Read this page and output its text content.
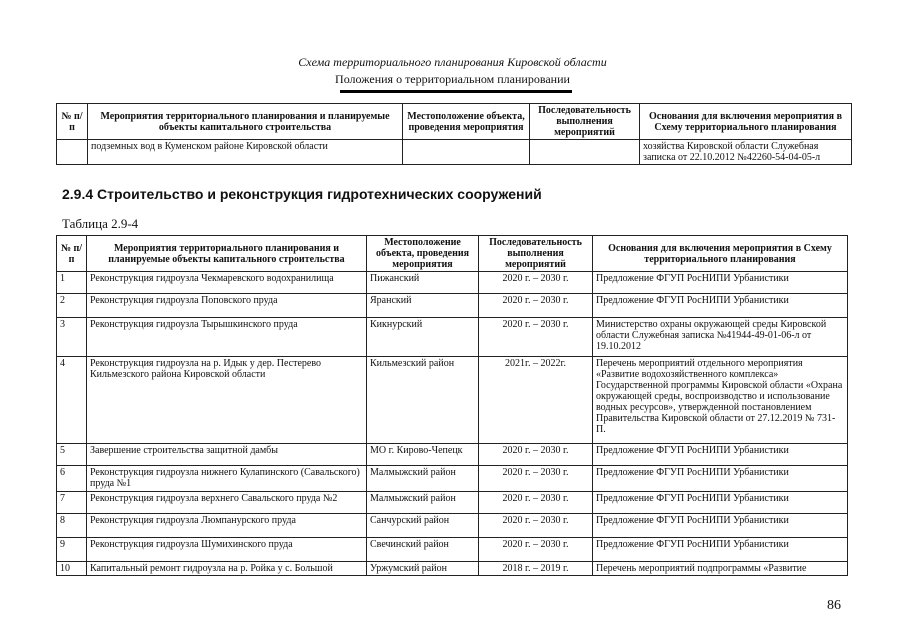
Схема территориального планирования Кировской области
Положения о территориальном планировании
№ п/п	Мероприятия территориального планирования и планируемые объекты капитального строительства	Местоположение объекта, проведения мероприятия	Последовательность выполнения мероприятий	Основания для включения мероприятия в Схему территориального планирования
	подземных вод в Куменском районе Кировской области			хозяйства Кировской области Служебная записка от 22.10.2012 №42260-54-04-05-л
2.9.4 Строительство и реконструкция гидротехнических сооружений
Таблица 2.9-4
№ п/п	Мероприятия территориального планирования и планируемые объекты капитального строительства	Местоположение объекта, проведения мероприятия	Последовательность выполнения мероприятий	Основания для включения мероприятия в Схему территориального планирования
1	Реконструкция гидроузла Чекмаревского водохранилища	Пижанский	2020 г. – 2030 г.	Предложение ФГУП РосНИПИ Урбанистики
2	Реконструкция гидроузла Поповского пруда	Яранский	2020 г. – 2030 г.	Предложение ФГУП РосНИПИ Урбанистики
3	Реконструкция гидроузла Тырышкинского пруда	Кикнурский	2020 г. – 2030 г.	Министерство охраны окружающей среды Кировской области Служебная записка №41944-49-01-06-л от 19.10.2012
4	Реконструкция гидроузла на р. Идык у дер. Пестерево Кильмезского района Кировской области	Кильмезский район	2021г. – 2022г.	Перечень мероприятий отдельного мероприятия «Развитие водохозяйственного комплекса» Государственной программы Кировской области «Охрана окружающей среды, воспроизводство и использование водных ресурсов», утвержденной постановлением Правительства Кировской области от 27.12.2019 № 731-П.
5	Завершение строительства защитной дамбы	МО г. Кирово-Чепецк	2020 г. – 2030 г.	Предложение ФГУП РосНИПИ Урбанистики
6	Реконструкция гидроузла нижнего Кулапинского (Савальского) пруда №1	Малмыжский район	2020 г. – 2030 г.	Предложение ФГУП РосНИПИ Урбанистики
7	Реконструкция гидроузла верхнего Савальского пруда №2	Малмыжский район	2020 г. – 2030 г.	Предложение ФГУП РосНИПИ Урбанистики
8	Реконструкция гидроузла Люмпанурского пруда	Санчурский район	2020 г. – 2030 г.	Предложение ФГУП РосНИПИ Урбанистики
9	Реконструкция гидроузла Шумихинского пруда	Свечинский район	2020 г. – 2030 г.	Предложение ФГУП РосНИПИ Урбанистики
10	Капитальный ремонт гидроузла на р. Ройка у с. Большой	Уржумский район	2018 г. – 2019 г.	Перечень мероприятий подпрограммы «Развитие
86
